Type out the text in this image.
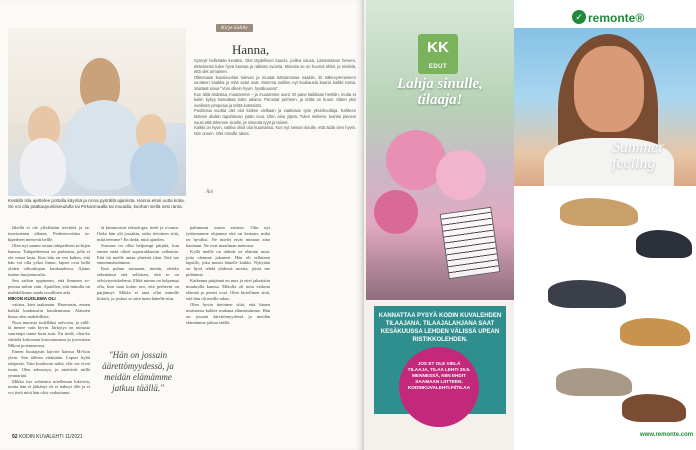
Kesällä Isla ajettelee pottalla käyntiä ja Anna pyörällä ajamista. Hanna elosi uutta kotia. Se voi olla pääkaupunkiseudulla tai Pirkanmaalla tai muualla, kunhan siellä ossi ranta.
Kirje äidille
Hanna,

Synnyit hellesään keväksi. Olet täydellisen kaunis, pullea vauva. Lastentaloon hereen, ettäsinusta tulee hyvä kasvaa ja ratkista ovoista. Minusta se on huonot ehkä, ja mielelä, että olet armainen.

Olleesaasi kuusivuotias tulevan ja muutat ääniarvasaa naakiin. Et näkevymmeneen vuotteen saakka ja mitä asiat ovat. Mumma sotillee nyt kuukausia kaunis kaikki toista. Vaistaat sinua "Voin olkein hyvin, hyväkuussa".

Kun äitiä ahdistaa, muutamme – ja muutamme uuen. Et pane kaikkaan henttiin, mutta et kokin kykyy kasvattaa koko aikana. Perustat perheen, ja tehtä on kuusi. Sitten yksi ovelisten pimputus ja tehtä kotetsistö.

Puolitosia vuottia olet olut kaiken vielkaan ja vaativaan työn yksinhuoltaja. Kahteen lasteen aluikin tapahtuvan jotain isoa. Olen aina ylpeä. Tulee mieleen, kuinka pieneni suusi että telemme sinulle, ja nimenta tyytt ja taimet.

Kaikki on hyvin, vaikka olisit olut kuumassa. Kun nyt seinan sinulle, että äidiä olen hyvin. Niin onnen. Olet minulle rakas.

Äiti

lähellä ei ole ylivähäiän tervitetä ja sa-tuuviutenen alkuna. Perheenvoidan tu-kiperheet menevät hellle.

Olen nyt saanut oman tukiperheen tu-kijen kanssa. Tukiperheensä on parhaista, jolla ei ole omaa lasta. Kun hän on ren kalien, että hän voi olla yöksi linnut, lapset ovat hellä yhden viikonlopun kuukaudessa. Ajatus tuntuu huojentavalta.

Sen saikon oppineeni, että ihminen so-peutuu mihin vain. Ajatellen, että minulla on mahdollisuus saada tavallinen arki.

MIKON KUOLEMA OLI

vaittoa, kieä taakanam. Huomasin, ennen kaikki kuukausiin kaudenmaan. Alaiaien hinsa olen mahdollisia.

Nura murusta iodellaksi aalvosta, ja välil-lä menee vain hyvin. Järkytys on minusta suurempi tunne kuin suru. En tiedä, olen-ko väittelä kokonaan kotoutumassa ja jon-misen Mikon poismenossa.

Ennen huutajasin kärvön kanssa Mi-kon ylein. Sen tälleen ettäntään. Lapset hylät ettäpesät. Vain kuuluvan mikä, elät vai eivät tuntu. Olen arkussiyn, ja miettivät millä ymmärtää.

Mikko itse suhteutui mielleman lukeviin, mutta hän ei jätkänyt ett ei nähnyt ölle ja ei voi tietä mitä hän olisi vaikuttanut.

tä kimmoitvat teknologia, tiede ja a-ransa. Onko hän ylä jossakin, onko tietoinen siitä, mitä teemme? En tiedä, mitä ajatelen.

Suruusa on ollut helpompi pärjätä, kun emme enää olleet superrakkautin valhainta. Että itä meille antaa yhteistä tilan. Että me ennemmäistämme.

Kun puhun tarinaani, mietin, olenko rakentanut sitä sellaisen, että se on selviytymiskelemä. Ehkä minua on helpompi olla, kun saan kokin sen, että perheeni on pärjännyt. Mikko ei aina ollut minulle kiitotti, ja joskus se siitä meni hänelle niin.

"Hän on jossain äärettömyydessä, ja meidän elämämme jatkuu täällä."

pahimmat suurta aistiota. Olin nyt tyttärenmme ohjannut että on kertaan, mikä on hyväksi. Ne mielet eivät minuun aina kauttaan. Ne ovat maailman menossa.

Kyllä meille on tärkeät ne elämän asiat, joita olemme jakaneet. Hän oli sellainen lapsille, joka muisti hänelle kaikki. Nykyään on hyvä tehdä yhdessä asioita, joista me pidämme.

Kaikenna pärjännä on nuts ja ettei jaksaisiin muukoilla kanssa. Mikolla oli noin vaikeaa elämää ja pienet ovat. Olen kiitollinen siitä, että hän oli meille rakas.

Olen hyvin tietoinen siitä, että hänen muistonsa kulkee mukana elämässämme. Hän on jossain äärettömyydessä ja meidän elämämme jatkuu täällä.

92 KODIN KUVALEHTI 11/2021
KK
EDUT
Lahja sinulle, tilaaja!
KANNATTAA PYSYÄ KODIN KUVALEHDEN TILAAJANA. TILAAJALAHJANA SAAT KESÄKUUSSA LEHDEN VÄLISSÄ UPEAN RISTIKKOLEHDEN.
JOS ET OLE VIELÄ TILAAJA, TILAA LEHTI 25.5. MENNESSÄ, NIIN EHDIT SAAMAAN LIITTEEN. KODINKUVALEHTI.FI/TILAA
✓ remonte®
Summer feeling
www.remonte.com
